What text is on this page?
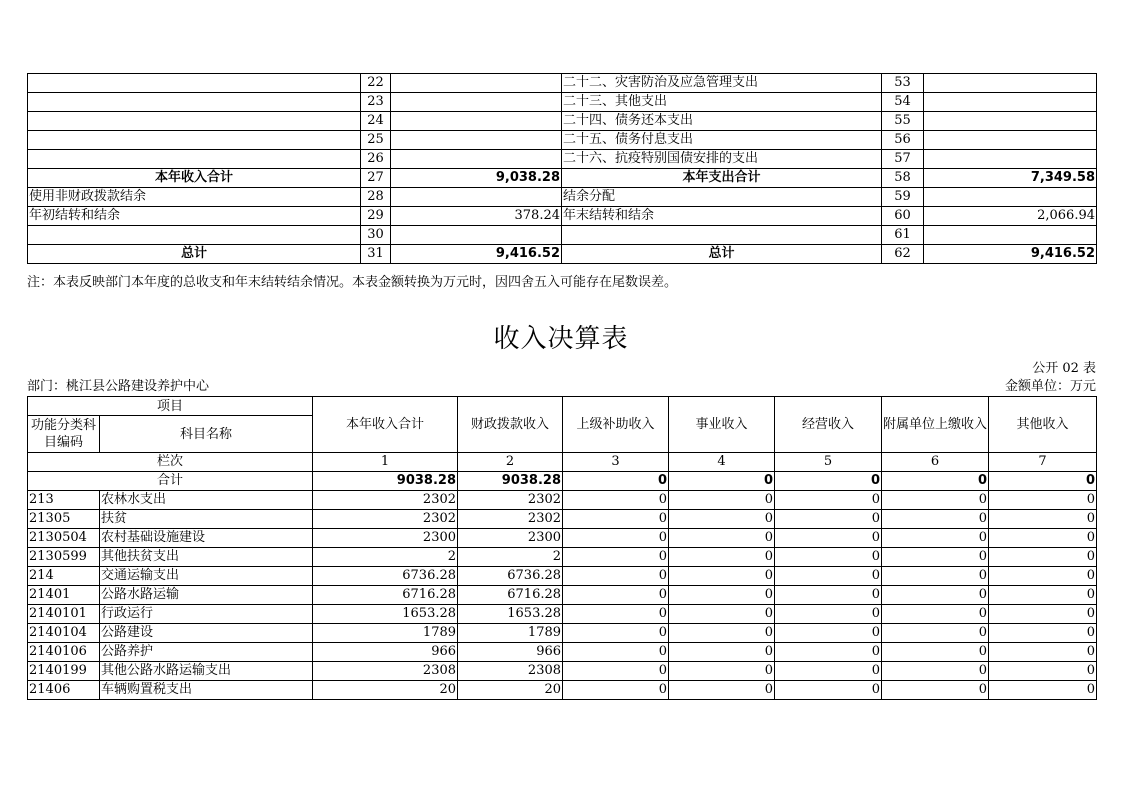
	22		二十二、灾害防治及应急管理支出	53	
	23		二十三、其他支出	54	
	24		二十四、债务还本支出	55	
	25		二十五、债务付息支出	56	
	26		二十六、抗疫特别国债安排的支出	57	
本年收入合计	27	9,038.28	本年支出合计	58	7,349.58
使用非财政拨款结余	28		结余分配	59	
年初结转和结余	29	378.24	年末结转和结余	60	2,066.94
	30			61	
总计	31	9,416.52	总计	62	9,416.52
注：本表反映部门本年度的总收支和年末结转结余情况。本表金额转换为万元时，因四舍五入可能存在尾数误差。
收入决算表
公开 02 表
部门：桃江县公路建设养护中心	金额单位：万元
项目		本年收入合计	财政拨款收入	上级补助收入	事业收入	经营收入	附属单位上缴收入	其他收入
功能分类科目编码	科目名称							
栏次		1	2	3	4	5	6	7
合计		9038.28	9038.28	0	0	0	0	0
213	农林水支出	2302	2302	0	0	0	0	0
21305	扶贫	2302	2302	0	0	0	0	0
2130504	农村基础设施建设	2300	2300	0	0	0	0	0
2130599	其他扶贫支出	2	2	0	0	0	0	0
214	交通运输支出	6736.28	6736.28	0	0	0	0	0
21401	公路水路运输	6716.28	6716.28	0	0	0	0	0
2140101	行政运行	1653.28	1653.28	0	0	0	0	0
2140104	公路建设	1789	1789	0	0	0	0	0
2140106	公路养护	966	966	0	0	0	0	0
2140199	其他公路水路运输支出	2308	2308	0	0	0	0	0
21406	车辆购置税支出	20	20	0	0	0	0	0
